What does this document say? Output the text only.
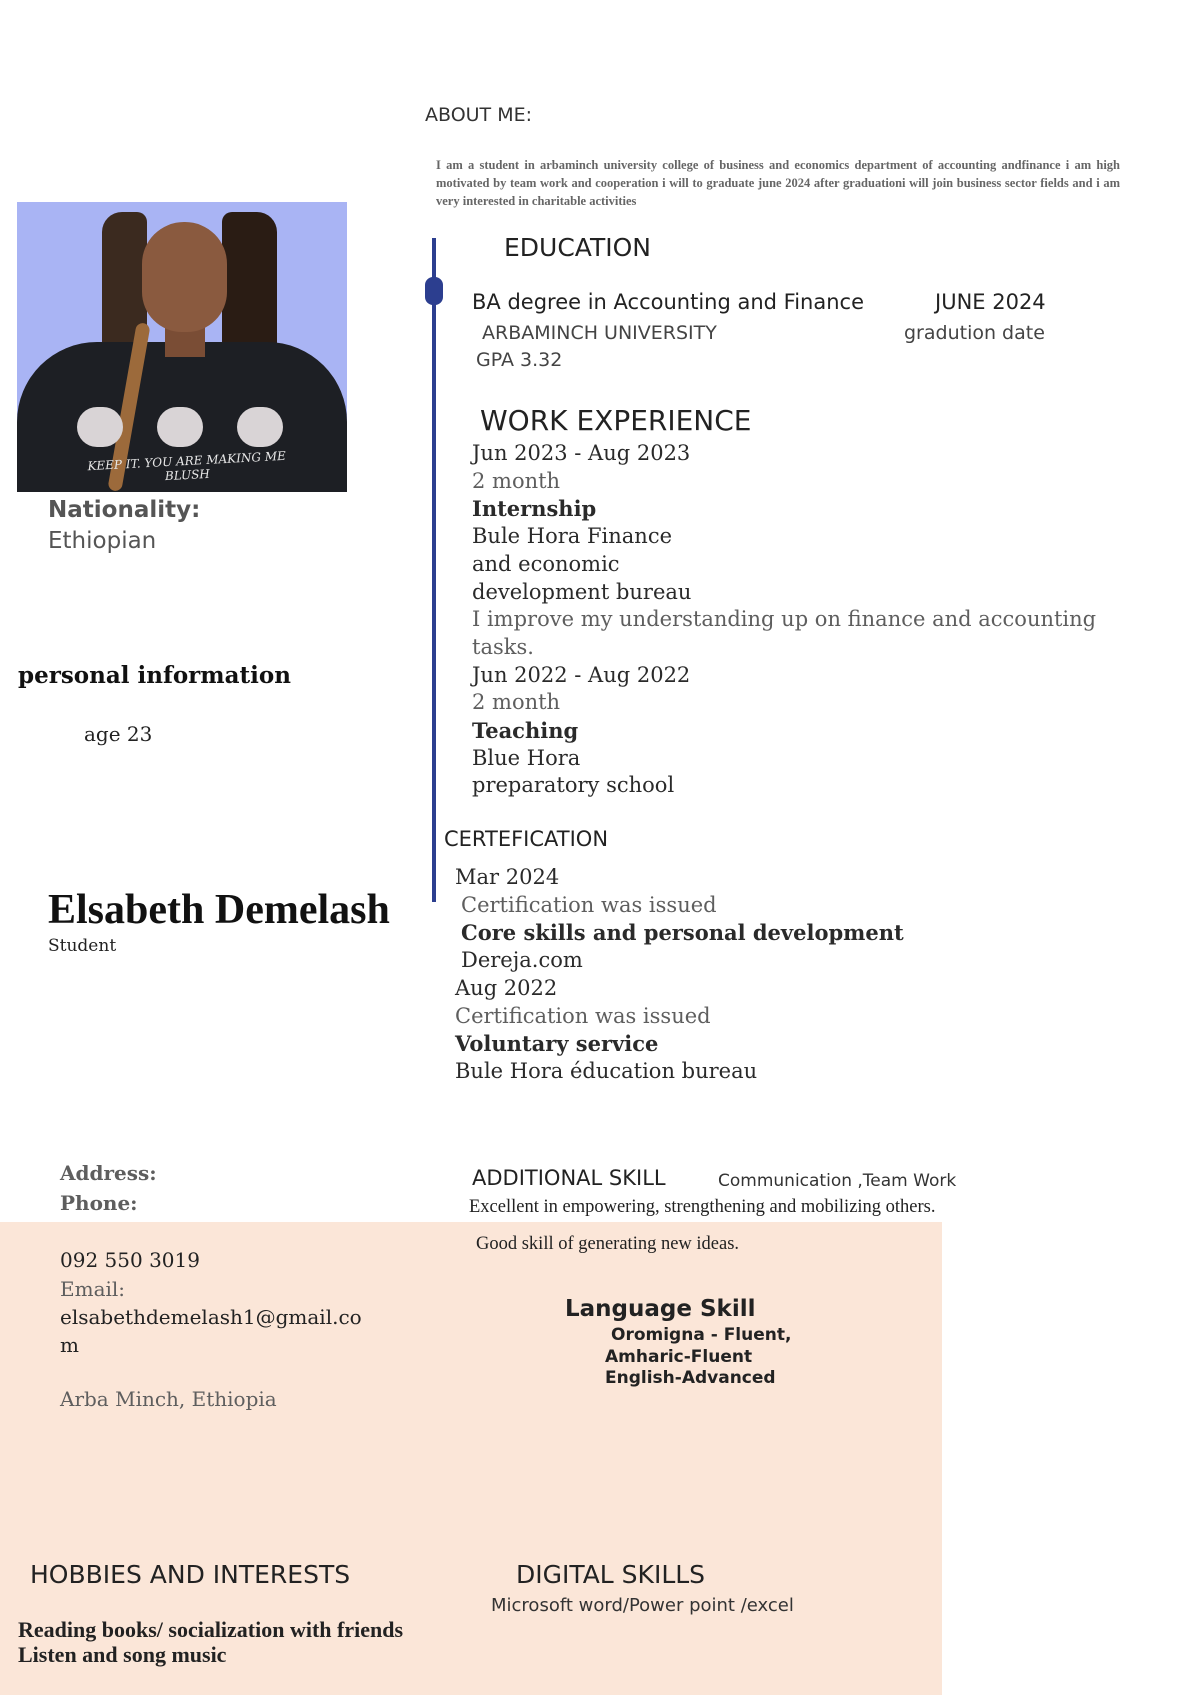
ABOUT ME:
I am a student in arbaminch university college of business and economics department of accounting andfinance i am high motivated by team work and cooperation i will to graduate june 2024 after graduationi will join business sector fields and i am very interested in charitable activities
KEEP IT. YOU ARE MAKING ME BLUSH
Nationality:
Ethiopian
personal information
age 23
Elsabeth Demelash
Student
EDUCATION
BA degree in Accounting and Finance	JUNE 2024
ARBAMINCH UNIVERSITY	gradution date
GPA 3.32
WORK EXPERIENCE
Jun 2023 - Aug 2023
2 month
Internship
Bule Hora Finance
and economic
development bureau
I improve my understanding up on finance and accounting tasks.
Jun 2022 - Aug 2022
2 month
Teaching
Blue Hora
preparatory school
CERTEFICATION
Mar 2024
Certification was issued
Core skills and personal development
Dereja.com
Aug 2022
Certification was issued
Voluntary service
Bule Hora éducation bureau
Address:
Phone:
092 550 3019
Email:
elsabethdemelash1@gmail.co
m
Arba Minch, Ethiopia
ADDITIONAL SKILL	Communication ,Team Work
Excellent in empowering, strengthening and mobilizing others.
Good skill of generating new ideas.
Language Skill
Oromigna - Fluent,
Amharic-Fluent
English-Advanced
HOBBIES AND INTERESTS
Reading books/ socialization with friends
Listen and song music
DIGITAL SKILLS
Microsoft word/Power point /excel
